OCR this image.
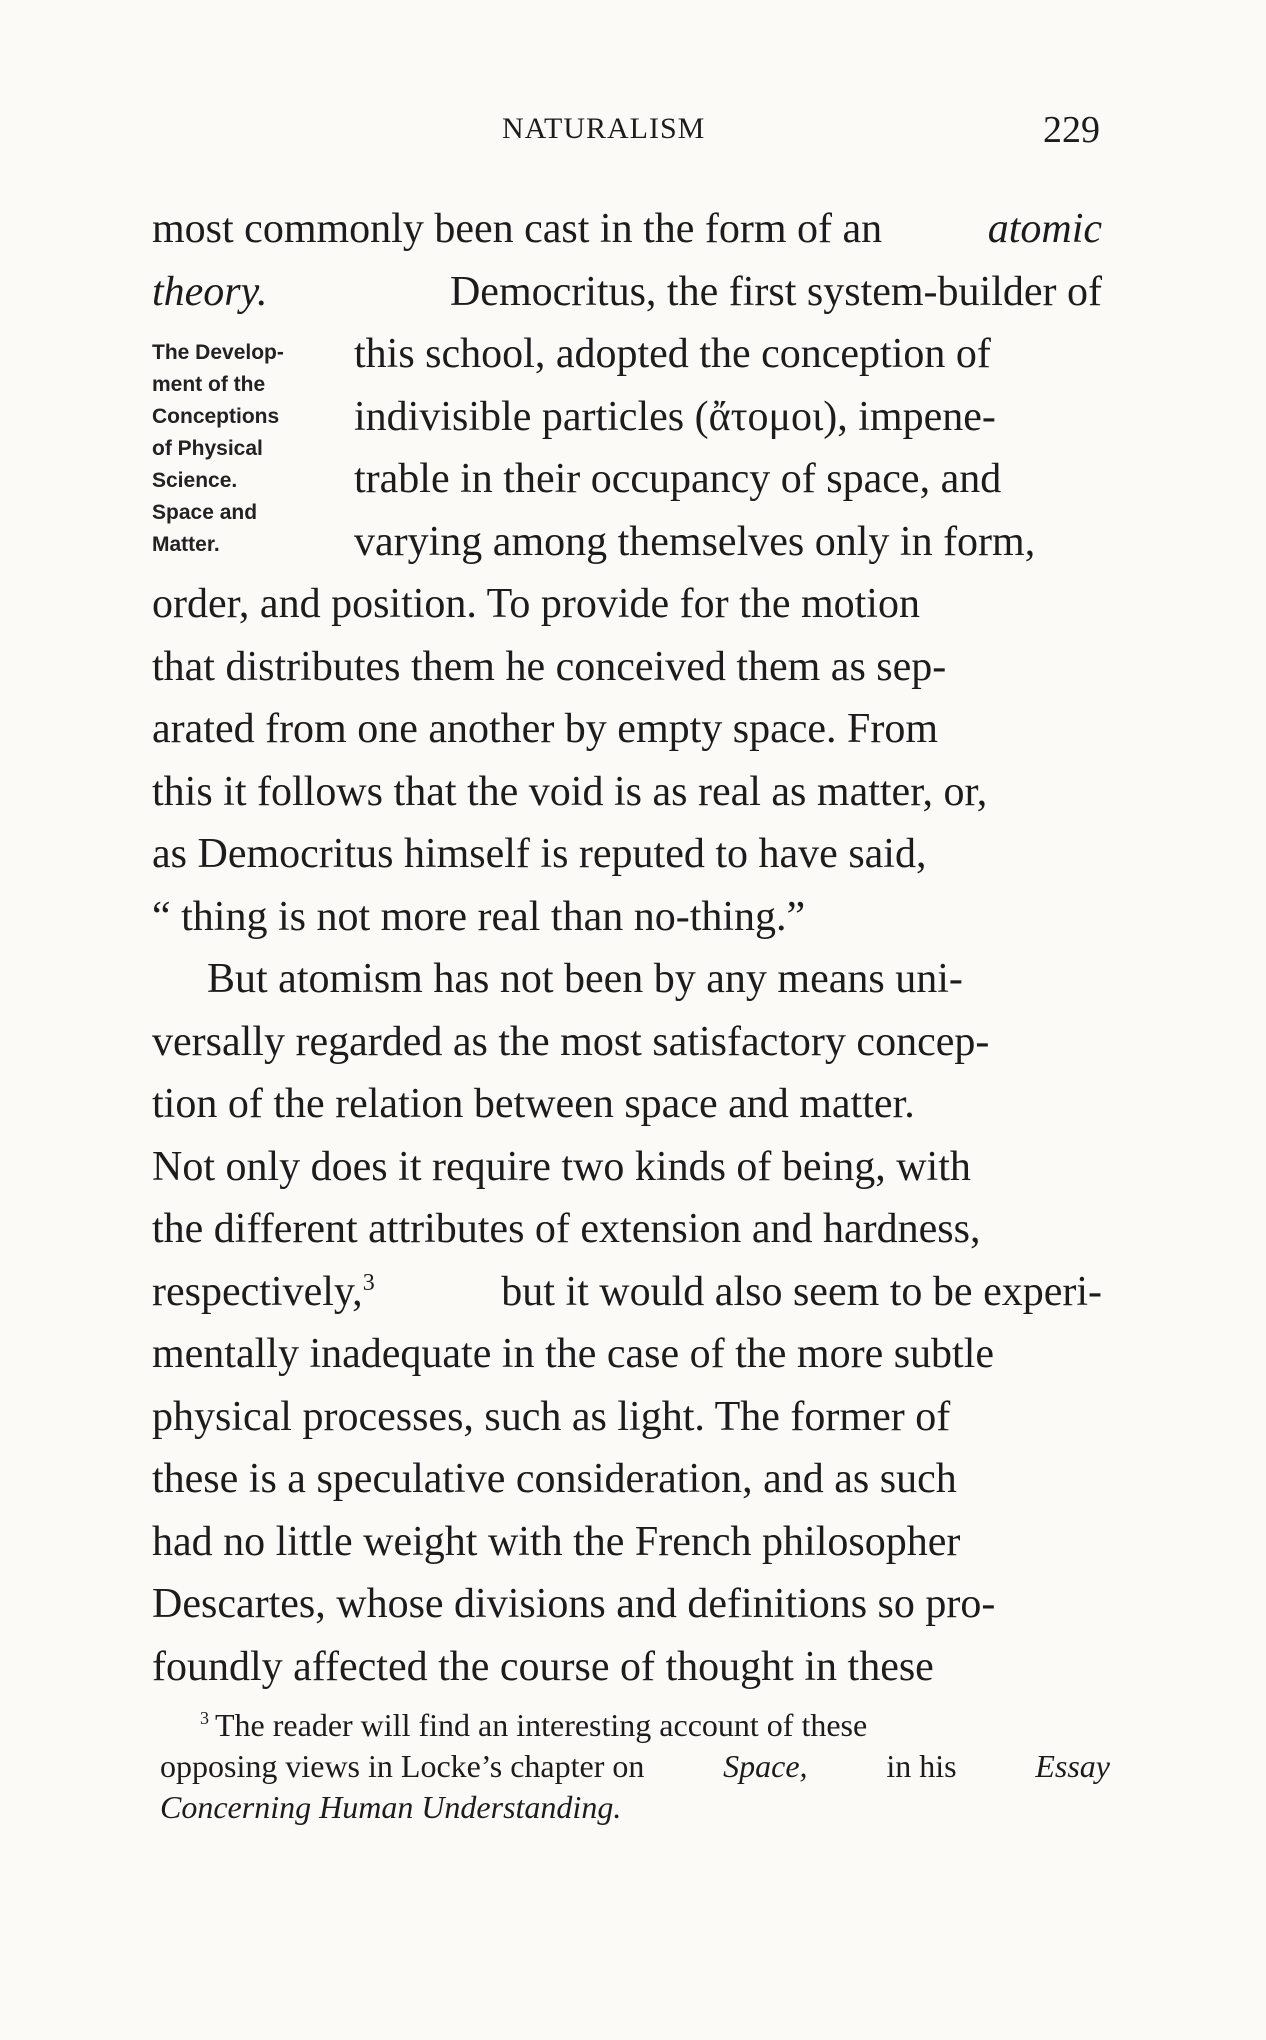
NATURALISM	229
The Develop-
ment of the
Conceptions
of Physical
Science.
Space and
Matter.
most commonly been cast in the form of an	atomic
theory.	Democritus, the first system-builder of
this school, adopted the conception of
indivisible particles (ἄτομοι), impene-
trable in their occupancy of space, and
varying among themselves only in form,
order, and position. To provide for the motion
that distributes them he conceived them as sep-
arated from one another by empty space. From
this it follows that the void is as real as matter, or,
as Democritus himself is reputed to have said,
“ thing is not more real than no-thing.”
But atomism has not been by any means uni-
versally regarded as the most satisfactory concep-
tion of the relation between space and matter.
Not only does it require two kinds of being, with
the different attributes of extension and hardness,
respectively,$^3$	but it would also seem to be experi-
mentally inadequate in the case of the more subtle
physical processes, such as light. The former of
these is a speculative consideration, and as such
had no little weight with the French philosopher
Descartes, whose divisions and definitions so pro-
foundly affected the course of thought in these
3 The reader will find an interesting account of these
opposing views in Locke’s chapter on Space, in his Essay
Concerning Human Understanding.
